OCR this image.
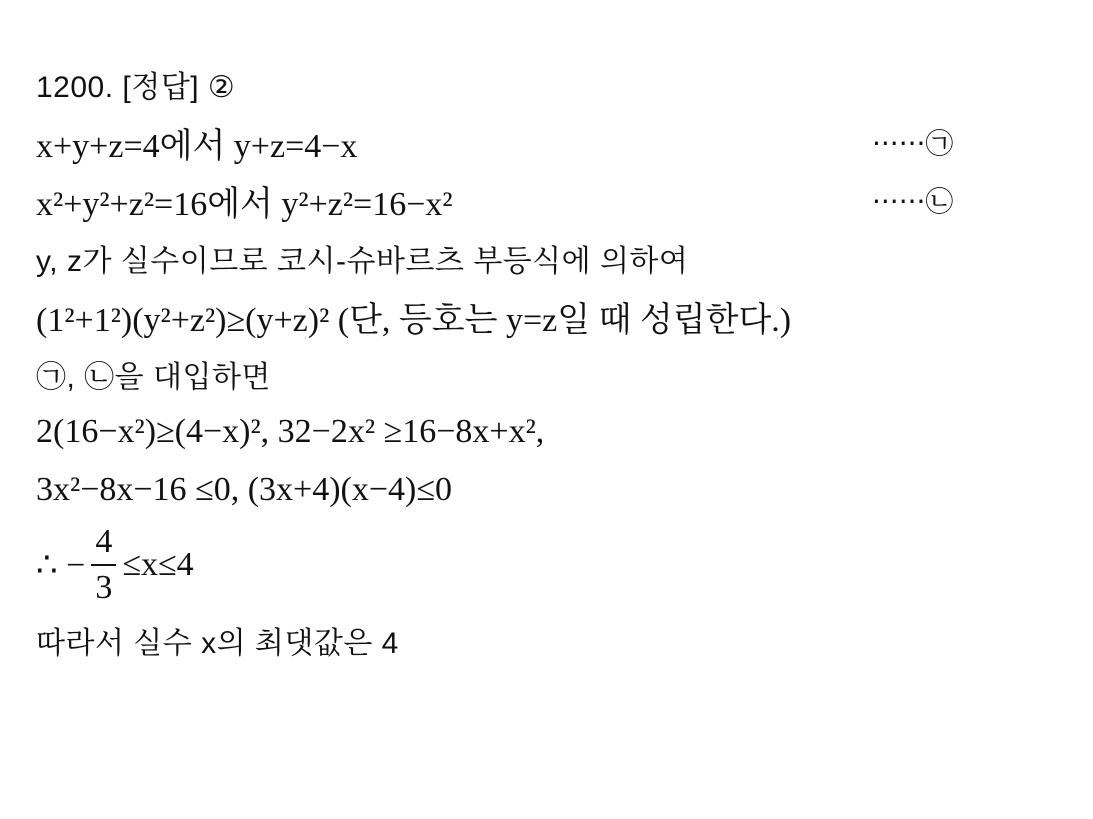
1200. [정답] ②
x+y+z=4에서 y+z=4−x	······㉠
x²+y²+z²=16에서 y²+z²=16−x²	······㉡
y, z가 실수이므로 코시-슈바르츠 부등식에 의하여
(1²+1²)(y²+z²)≥(y+z)² (단, 등호는 y=z일 때 성립한다.)
㉠, ㉡을 대입하면
2(16−x²)≥(4−x)², 32−2x² ≥16−8x+x²,
3x²−8x−16 ≤0, (3x+4)(x−4)≤0
∴ − $\frac{4}{3} \le x\le 4$
따라서 실수 x의 최댓값은 4
